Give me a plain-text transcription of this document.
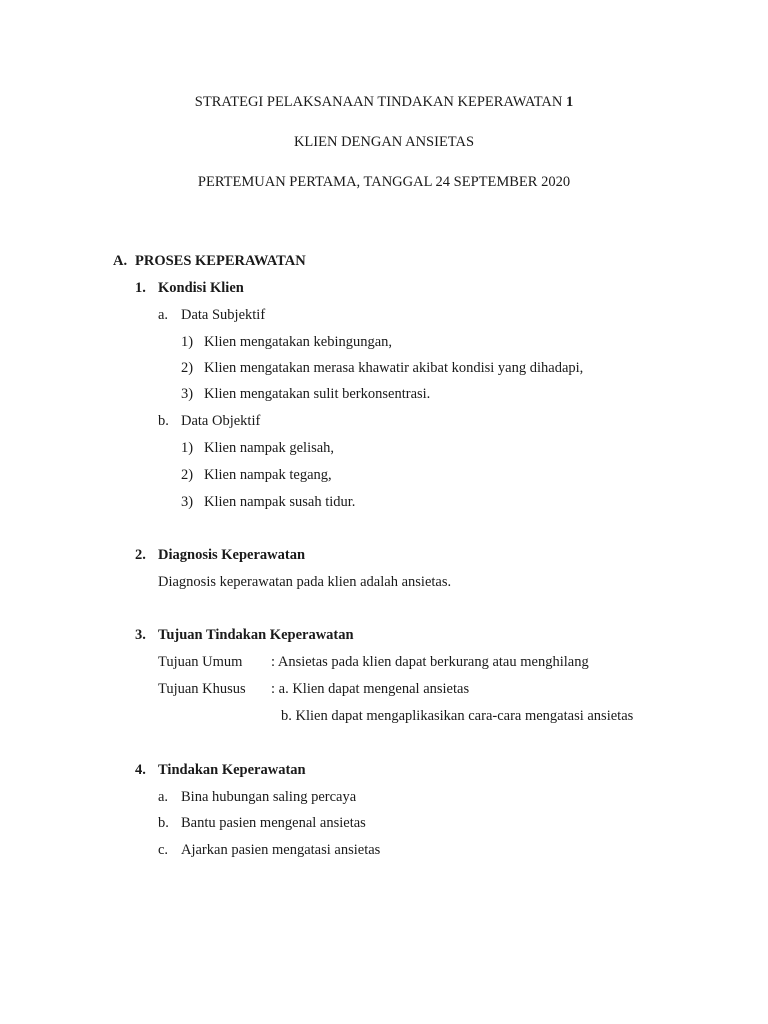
STRATEGI PELAKSANAAN TINDAKAN KEPERAWATAN 1
KLIEN DENGAN ANSIETAS
PERTEMUAN PERTAMA, TANGGAL 24 SEPTEMBER 2020
A. PROSES KEPERAWATAN
1. Kondisi Klien
a. Data Subjektif
1) Klien mengatakan kebingungan,
2) Klien mengatakan merasa khawatir akibat kondisi yang dihadapi,
3) Klien mengatakan sulit berkonsentrasi.
b. Data Objektif
1) Klien nampak gelisah,
2) Klien nampak tegang,
3) Klien nampak susah tidur.
2. Diagnosis Keperawatan
Diagnosis keperawatan pada klien adalah ansietas.
3. Tujuan Tindakan Keperawatan
Tujuan Umum : Ansietas pada klien dapat berkurang atau menghilang
Tujuan Khusus : a. Klien dapat mengenal ansietas
b. Klien dapat mengaplikasikan cara-cara mengatasi ansietas
4. Tindakan Keperawatan
a. Bina hubungan saling percaya
b. Bantu pasien mengenal ansietas
c. Ajarkan pasien mengatasi ansietas
